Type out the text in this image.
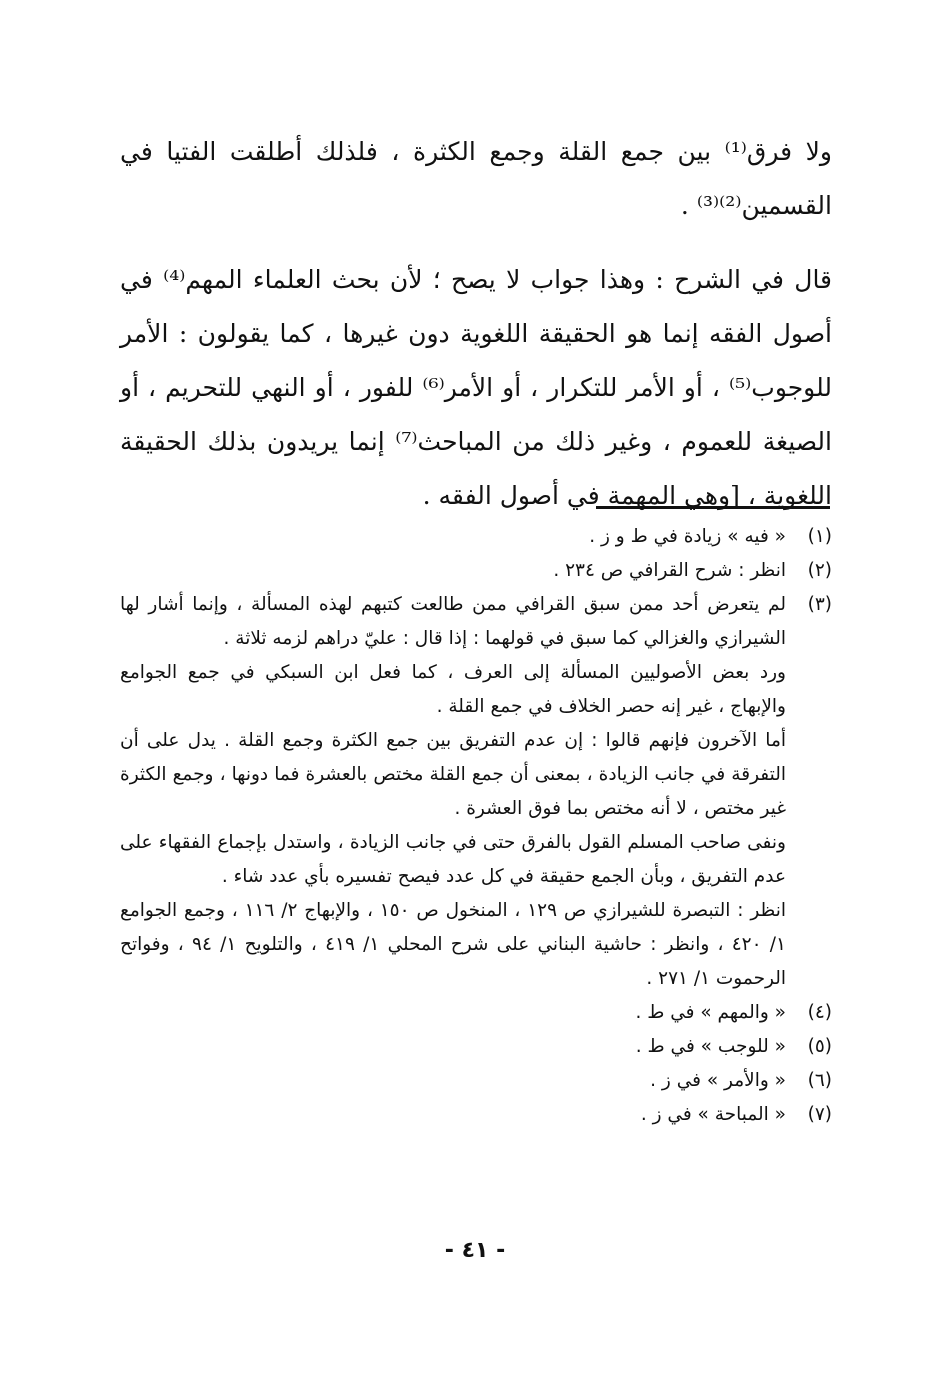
ولا فرق⁽¹⁾ بين جمع القلة وجمع الكثرة ، فلذلك أطلقت الفتيا في القسمين⁽²⁾⁽³⁾ .

قال في الشرح : وهذا جواب لا يصح ؛ لأن بحث العلماء المهم⁽⁴⁾ في أصول الفقه إنما هو الحقيقة اللغوية دون غيرها ، كما يقولون : الأمر للوجوب⁽⁵⁾ ، أو الأمر للتكرار ، أو الأمر⁽⁶⁾ للفور ، أو النهي للتحريم ، أو الصيغة للعموم ، وغير ذلك من المباحث⁽⁷⁾ إنما يريدون بذلك الحقيقة اللغوية ، [وهي المهمة في أصول الفقه .

(١)
« فيه » زيادة في ط و ز .

(٢)
انظر : شرح القرافي ص ٢٣٤ .

(٣)
لم يتعرض أحد ممن سبق القرافي ممن طالعت كتبهم لهذه المسألة ، وإنما أشار لها الشيرازي والغزالي كما سبق في قولهما : إذا قال : عليّ دراهم لزمه ثلاثة .

ورد بعض الأصوليين المسألة إلى العرف ، كما فعل ابن السبكي في جمع الجوامع والإبهاج ، غير إنه حصر الخلاف في جمع القلة .

أما الآخرون فإنهم قالوا : إن عدم التفريق بين جمع الكثرة وجمع القلة . يدل على أن التفرقة في جانب الزيادة ، بمعنى أن جمع القلة مختص بالعشرة فما دونها ، وجمع الكثرة غير مختص ، لا أنه مختص بما فوق العشرة .

ونفى صاحب المسلم القول بالفرق حتى في جانب الزيادة ، واستدل بإجماع الفقهاء على عدم التفريق ، وبأن الجمع حقيقة في كل عدد فيصح تفسيره بأي عدد شاء .

انظر : التبصرة للشيرازي ص ١٢٩ ، المنخول ص ١٥٠ ، والإبهاج ٢/ ١١٦ ، وجمع الجوامع ١/ ٤٢٠ ، وانظر : حاشية البناني على شرح المحلي ١/ ٤١٩ ، والتلويح ١/ ٩٤ ، وفواتح الرحموت ١/ ٢٧١ .

(٤)
« والمهم » في ط .

(٥)
« للوجب » في ط .

(٦)
« والأمر » في ز .

(٧)
« المباحة » في ز .

- ٤١ -
